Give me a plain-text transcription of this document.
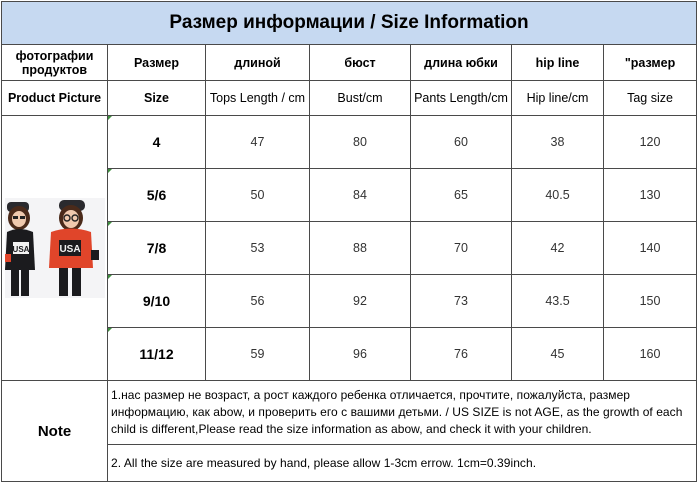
Размер информации / Size Information						
фотографии продуктов	Размер	длиной	бюст	длина юбки	hip line	"размер
Product Picture	Size	Tops Length / cm	Bust/cm	Pants Length/cm	Hip line/cm	Tag size

USA USA	4	47	80	60	38	120

5/6	50	84	65	40.5	130

7/8	53	88	70	42	140

9/10	56	92	73	43.5	150

11/12	59	96	76	45	160
Note	1.нас размер не возраст, а рост каждого ребенка отличается, прочтите, пожалуйста, размер информацию, как abow, и проверить его с вашими детьми. / US SIZE is not AGE, as the growth of each child is different,Please read the size information as abow, and check it with your children.					
	2. All the size are measured by hand, please allow 1-3cm errow. 1cm=0.39inch.					
